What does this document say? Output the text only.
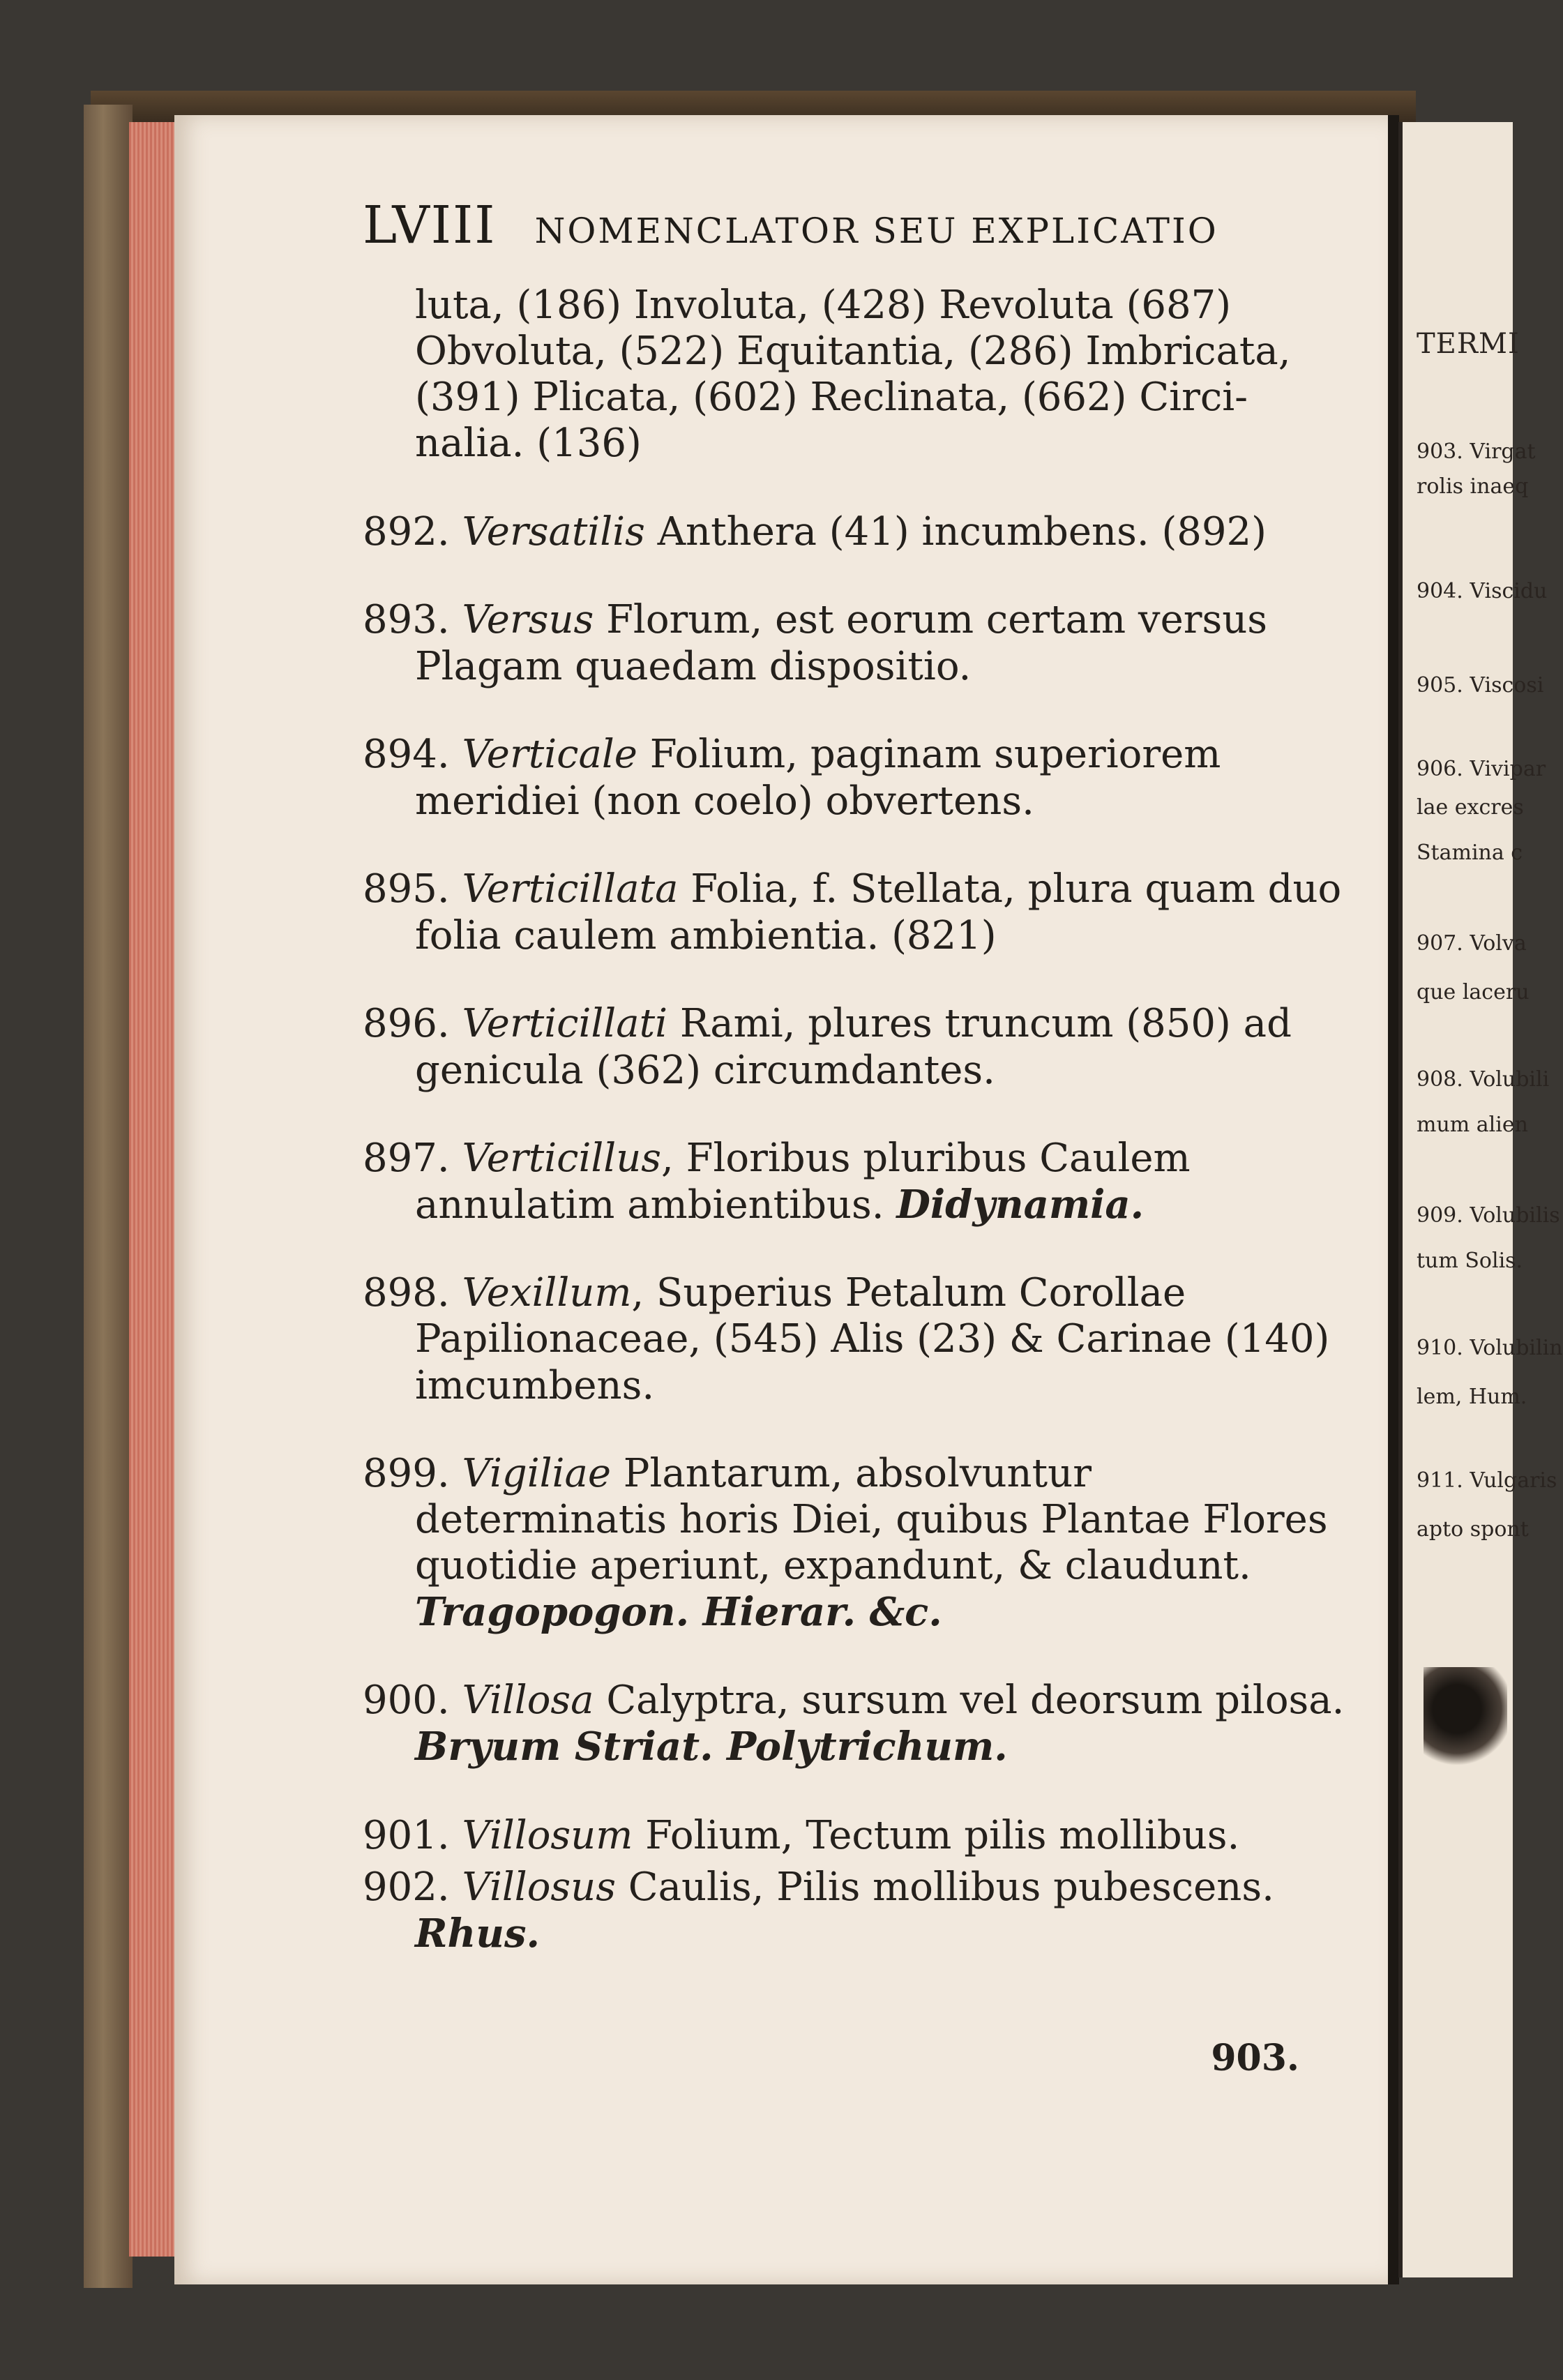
LVIII NOMENCLATOR SEU EXPLICATIO
luta, (186) Involuta, (428) Revoluta (687)
Obvoluta, (522) Equitantia, (286) Imbricata,
(391) Plicata, (602) Reclinata, (662) Circi-
nalia. (136)
892. Versatilis Anthera (41) incumbens. (892)
893. Versus Florum, est eorum certam versus Plagam quaedam dispositio.
894. Verticale Folium, paginam superiorem meridiei (non coelo) obvertens.
895. Verticillata Folia, f. Stellata, plura quam duo folia caulem ambientia. (821)
896. Verticillati Rami, plures truncum (850) ad genicula (362) circumdantes.
897. Verticillus, Floribus pluribus Caulem annulatim ambientibus. Didynamia.
898. Vexillum, Superius Petalum Corollae Papilionaceae, (545) Alis (23) & Carinae (140) imcumbens.
899. Vigiliae Plantarum, absolvuntur determinatis horis Diei, quibus Plantae Flores quotidie aperiunt, expandunt, & claudunt. Tragopogon. Hierar. &c.
900. Villosa Calyptra, sursum vel deorsum pilosa. Bryum Striat. Polytrichum.
901. Villosum Folium, Tectum pilis mollibus.
902. Villosus Caulis, Pilis mollibus pubescens. Rhus.
903.
TERMI
903. Virgat
rolis inaeq
904. Viscidu
905. Viscosi
906. Vivipar
lae excres
Stamina c
907. Volva
que laceru
908. Volubili
mum alien
909. Volubilis
tum Solis.
910. Volubilin
lem, Hum.
911. Vulgaris
apto spont
